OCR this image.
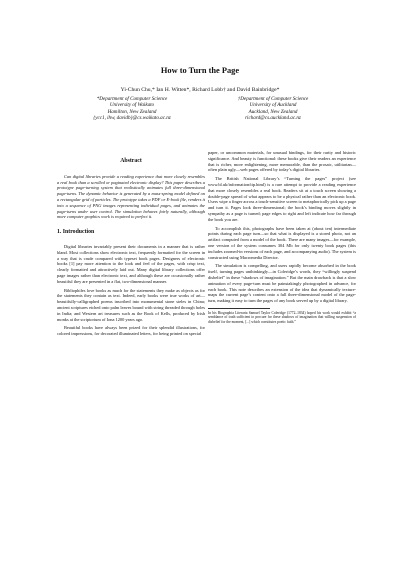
How to Turn the Page
Yi-Chun Chu,* Ian H. Witten*, Richard Lobb† and David Bainbridge*
*Department of Computer Science
University of Waikato
Hamilton, New Zealand
{ycc1, ihw, davidb}@cs.waikato.ac.nz
†Department of Computer Science
University of Auckland
Auckland, New Zealand
richard@cs.auckland.ac.nz
Abstract

Can digital libraries provide a reading experience that more closely resembles a real book than a scrolled or paginated electronic display? This paper describes a prototype page-turning system that realistically animates full three-dimensional page-turns. The dynamic behavior is generated by a mass-spring model defined on a rectangular grid of particles. The prototype takes a PDF or E-book file, renders it into a sequence of PNG images representing individual pages, and animates the page-turns under user control. The simulation behaves fairly naturally, although more computer graphics work is required to perfect it.

1. Introduction

Digital libraries invariably present their documents in a manner that is rather bland. Most collections show electronic text, frequently formatted for the screen in a way that is crude compared with typeset book pages. Designers of electronic books [1] pay more attention to the look and feel of the pages, with crisp text, clearly formatted and attractively laid out. Many digital library collections offer page images rather than electronic text, and although these are occasionally rather beautiful they are presented in a flat, two-dimensional manner.

Bibliophiles love books as much for the statements they make as objects as for the statements they contain as text. Indeed, early books were true works of art—beautifully-calligraphed poems inscribed into monumental stone steles in China; ancient scriptures etched onto palm leaves bound with string threaded through holes in India; and Western art treasures such as the Book of Kells, produced by Irish monks at the scriptorium of Iona 1200 years ago.

Beautiful books have always been prized for their splendid illustrations, for colored impressions, for decorated illuminated letters, for being printed on special

paper, or uncommon materials, for unusual bindings, for their rarity and historic significance. And beauty is functional: these books give their readers an experience that is richer, more enlightening, more memorable, than the prosaic, utilitarian—often plain ugly—web pages offered by today’s digital libraries.

The British National Library’s “Turning the pages” project (see www.bl.uk/information/ttp.html) is a rare attempt to provide a reading experience that more closely resembles a real book. Readers sit at a touch screen showing a double-page spread of what appears to be a physical rather than an electronic book. Users wipe a finger across a touch-sensitive screen to metaphorically pick up a page and turn it. Pages look three-dimensional; the book’s binding moves slightly in sympathy as a page is turned; page edges to right and left indicate how far through the book you are.

To accomplish this, photographs have been taken at (about ten) intermediate points during each page turn—so that what is displayed is a stored photo, not an artifact computed from a model of the book. There are many images—for example, one version of the system consumes 304 Mb for only twenty book pages (this includes zoomed-in versions of each page, and accompanying audio). The system is constructed using Macromedia Director.

The simulation is compelling, and users rapidly become absorbed in the book itself, turning pages unthinkingly—in Coleridge’s words, they “willingly suspend disbelief” in these “shadows of imagination.” But the main drawback is that a slow animation of every page-turn must be painstakingly photographed in advance, for each book. This note describes an extension of the idea that dynamically texture-maps the current page’s content onto a full three-dimensional model of the page-turn, making it easy to turn the pages of any book served up by a digital library.

In his Biographia Literaria Samuel Taylor Coleridge (1772–1834) hoped his work would exhibit “a semblance of truth sufficient to procure for these shadows of imagination that willing suspension of disbelief for the moment, [...] which constitutes poetic faith.”
